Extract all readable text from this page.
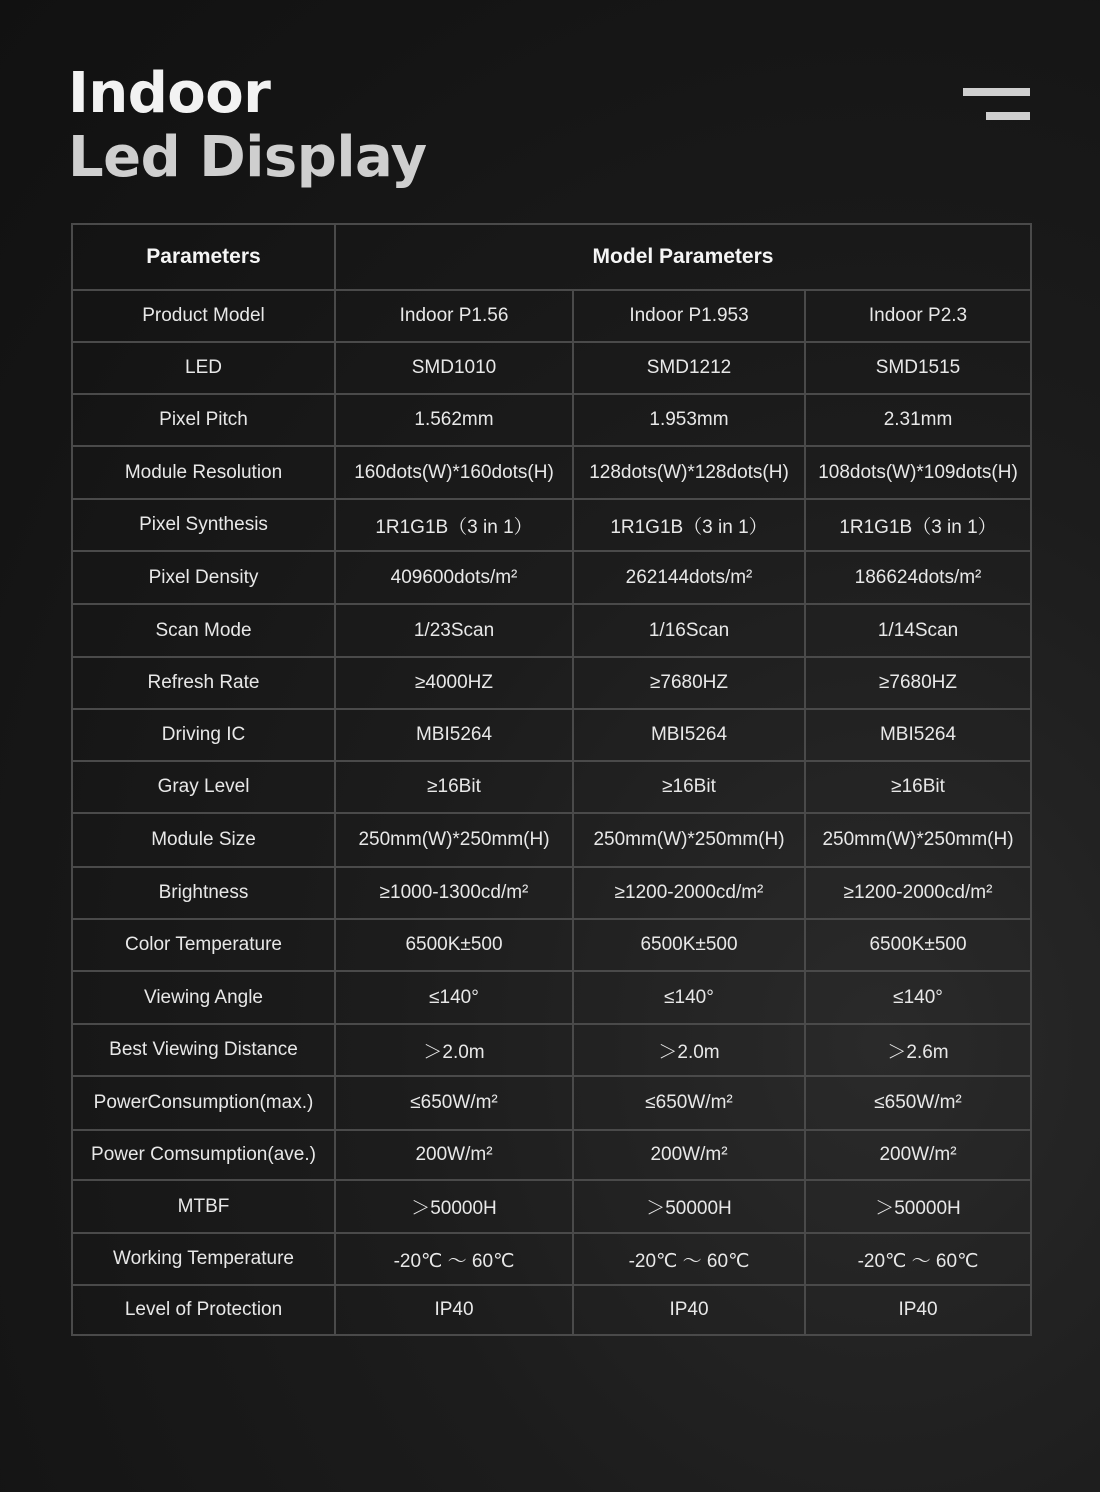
Indoor
Led Display
Parameters	Model Parameters		
Product Model	Indoor P1.56	Indoor P1.953	Indoor P2.3
LED	SMD1010	SMD1212	SMD1515
Pixel Pitch	1.562mm	1.953mm	2.31mm
Module Resolution	160dots(W)*160dots(H)	128dots(W)*128dots(H)	108dots(W)*109dots(H)
Pixel Synthesis	1R1G1B（3 in 1）	1R1G1B（3 in 1）	1R1G1B（3 in 1）
Pixel Density	409600dots/m²	262144dots/m²	186624dots/m²
Scan Mode	1/23Scan	1/16Scan	1/14Scan
Refresh Rate	≥4000HZ	≥7680HZ	≥7680HZ
Driving IC	MBI5264	MBI5264	MBI5264
Gray Level	≥16Bit	≥16Bit	≥16Bit
Module Size	250mm(W)*250mm(H)	250mm(W)*250mm(H)	250mm(W)*250mm(H)
Brightness	≥1000-1300cd/m²	≥1200-2000cd/m²	≥1200-2000cd/m²
Color Temperature	6500K±500	6500K±500	6500K±500
Viewing Angle	≤140°	≤140°	≤140°
Best Viewing Distance	＞2.0m	＞2.0m	＞2.6m
PowerConsumption(max.)	≤650W/m²	≤650W/m²	≤650W/m²
Power Comsumption(ave.)	200W/m²	200W/m²	200W/m²
MTBF	＞50000H	＞50000H	＞50000H
Working Temperature	-20℃ ～ 60℃	-20℃ ～ 60℃	-20℃ ～ 60℃
Level of Protection	IP40	IP40	IP40
